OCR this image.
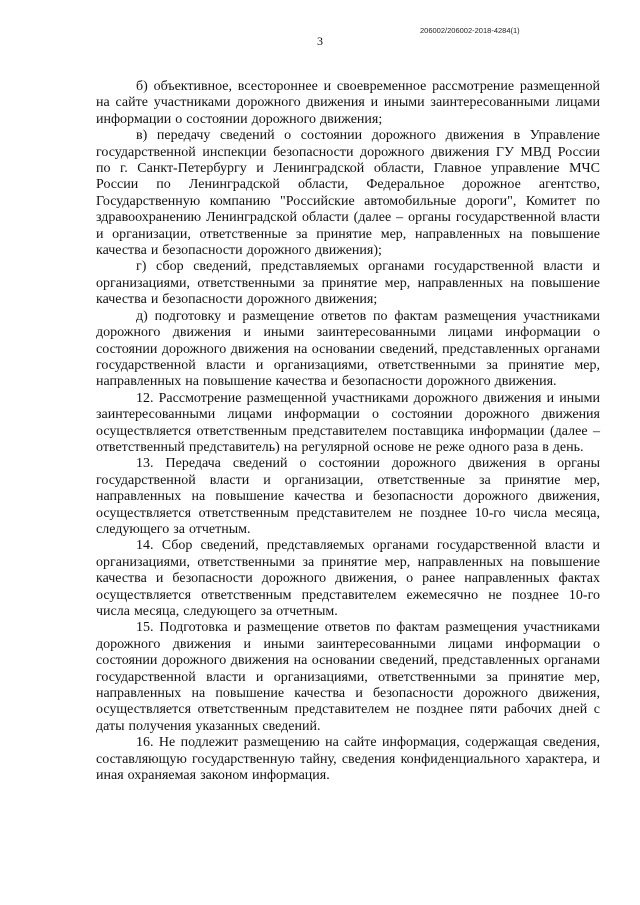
206002/206002-2018-4284(1)
3

б) объективное, всестороннее и своевременное рассмотрение размещенной на сайте участниками дорожного движения и иными заинтересованными лицами информации о состоянии дорожного движения;

в) передачу сведений о состоянии дорожного движения в Управление государственной инспекции безопасности дорожного движения ГУ МВД России по г. Санкт-Петербургу и Ленинградской области, Главное управление МЧС России по Ленинградской области, Федеральное дорожное агентство, Государственную компанию "Российские автомобильные дороги", Комитет по здравоохранению Ленинградской области (далее – органы государственной власти и организации, ответственные за принятие мер, направленных на повышение качества и безопасности дорожного движения);

г) сбор сведений, представляемых органами государственной власти и организациями, ответственными за принятие мер, направленных на повышение качества и безопасности дорожного движения;

д) подготовку и размещение ответов по фактам размещения участниками дорожного движения и иными заинтересованными лицами информации о состоянии дорожного движения на основании сведений, представленных органами государственной власти и организациями, ответственными за принятие мер, направленных на повышение качества и безопасности дорожного движения.

12. Рассмотрение размещенной участниками дорожного движения и иными заинтересованными лицами информации о состоянии дорожного движения осуществляется ответственным представителем поставщика информации (далее – ответственный представитель) на регулярной основе не реже одного раза в день.

13. Передача сведений о состоянии дорожного движения в органы государственной власти и организации, ответственные за принятие мер, направленных на повышение качества и безопасности дорожного движения, осуществляется ответственным представителем не позднее 10-го числа месяца, следующего за отчетным.

14. Сбор сведений, представляемых органами государственной власти и организациями, ответственными за принятие мер, направленных на повышение качества и безопасности дорожного движения, о ранее направленных фактах осуществляется ответственным представителем ежемесячно не позднее 10-го числа месяца, следующего за отчетным.

15. Подготовка и размещение ответов по фактам размещения участниками дорожного движения и иными заинтересованными лицами информации о состоянии дорожного движения на основании сведений, представленных органами государственной власти и организациями, ответственными за принятие мер, направленных на повышение качества и безопасности дорожного движения, осуществляется ответственным представителем не позднее пяти рабочих дней с даты получения указанных сведений.

16. Не подлежит размещению на сайте информация, содержащая сведения, составляющую государственную тайну, сведения конфиденциального характера, и иная охраняемая законом информация.
